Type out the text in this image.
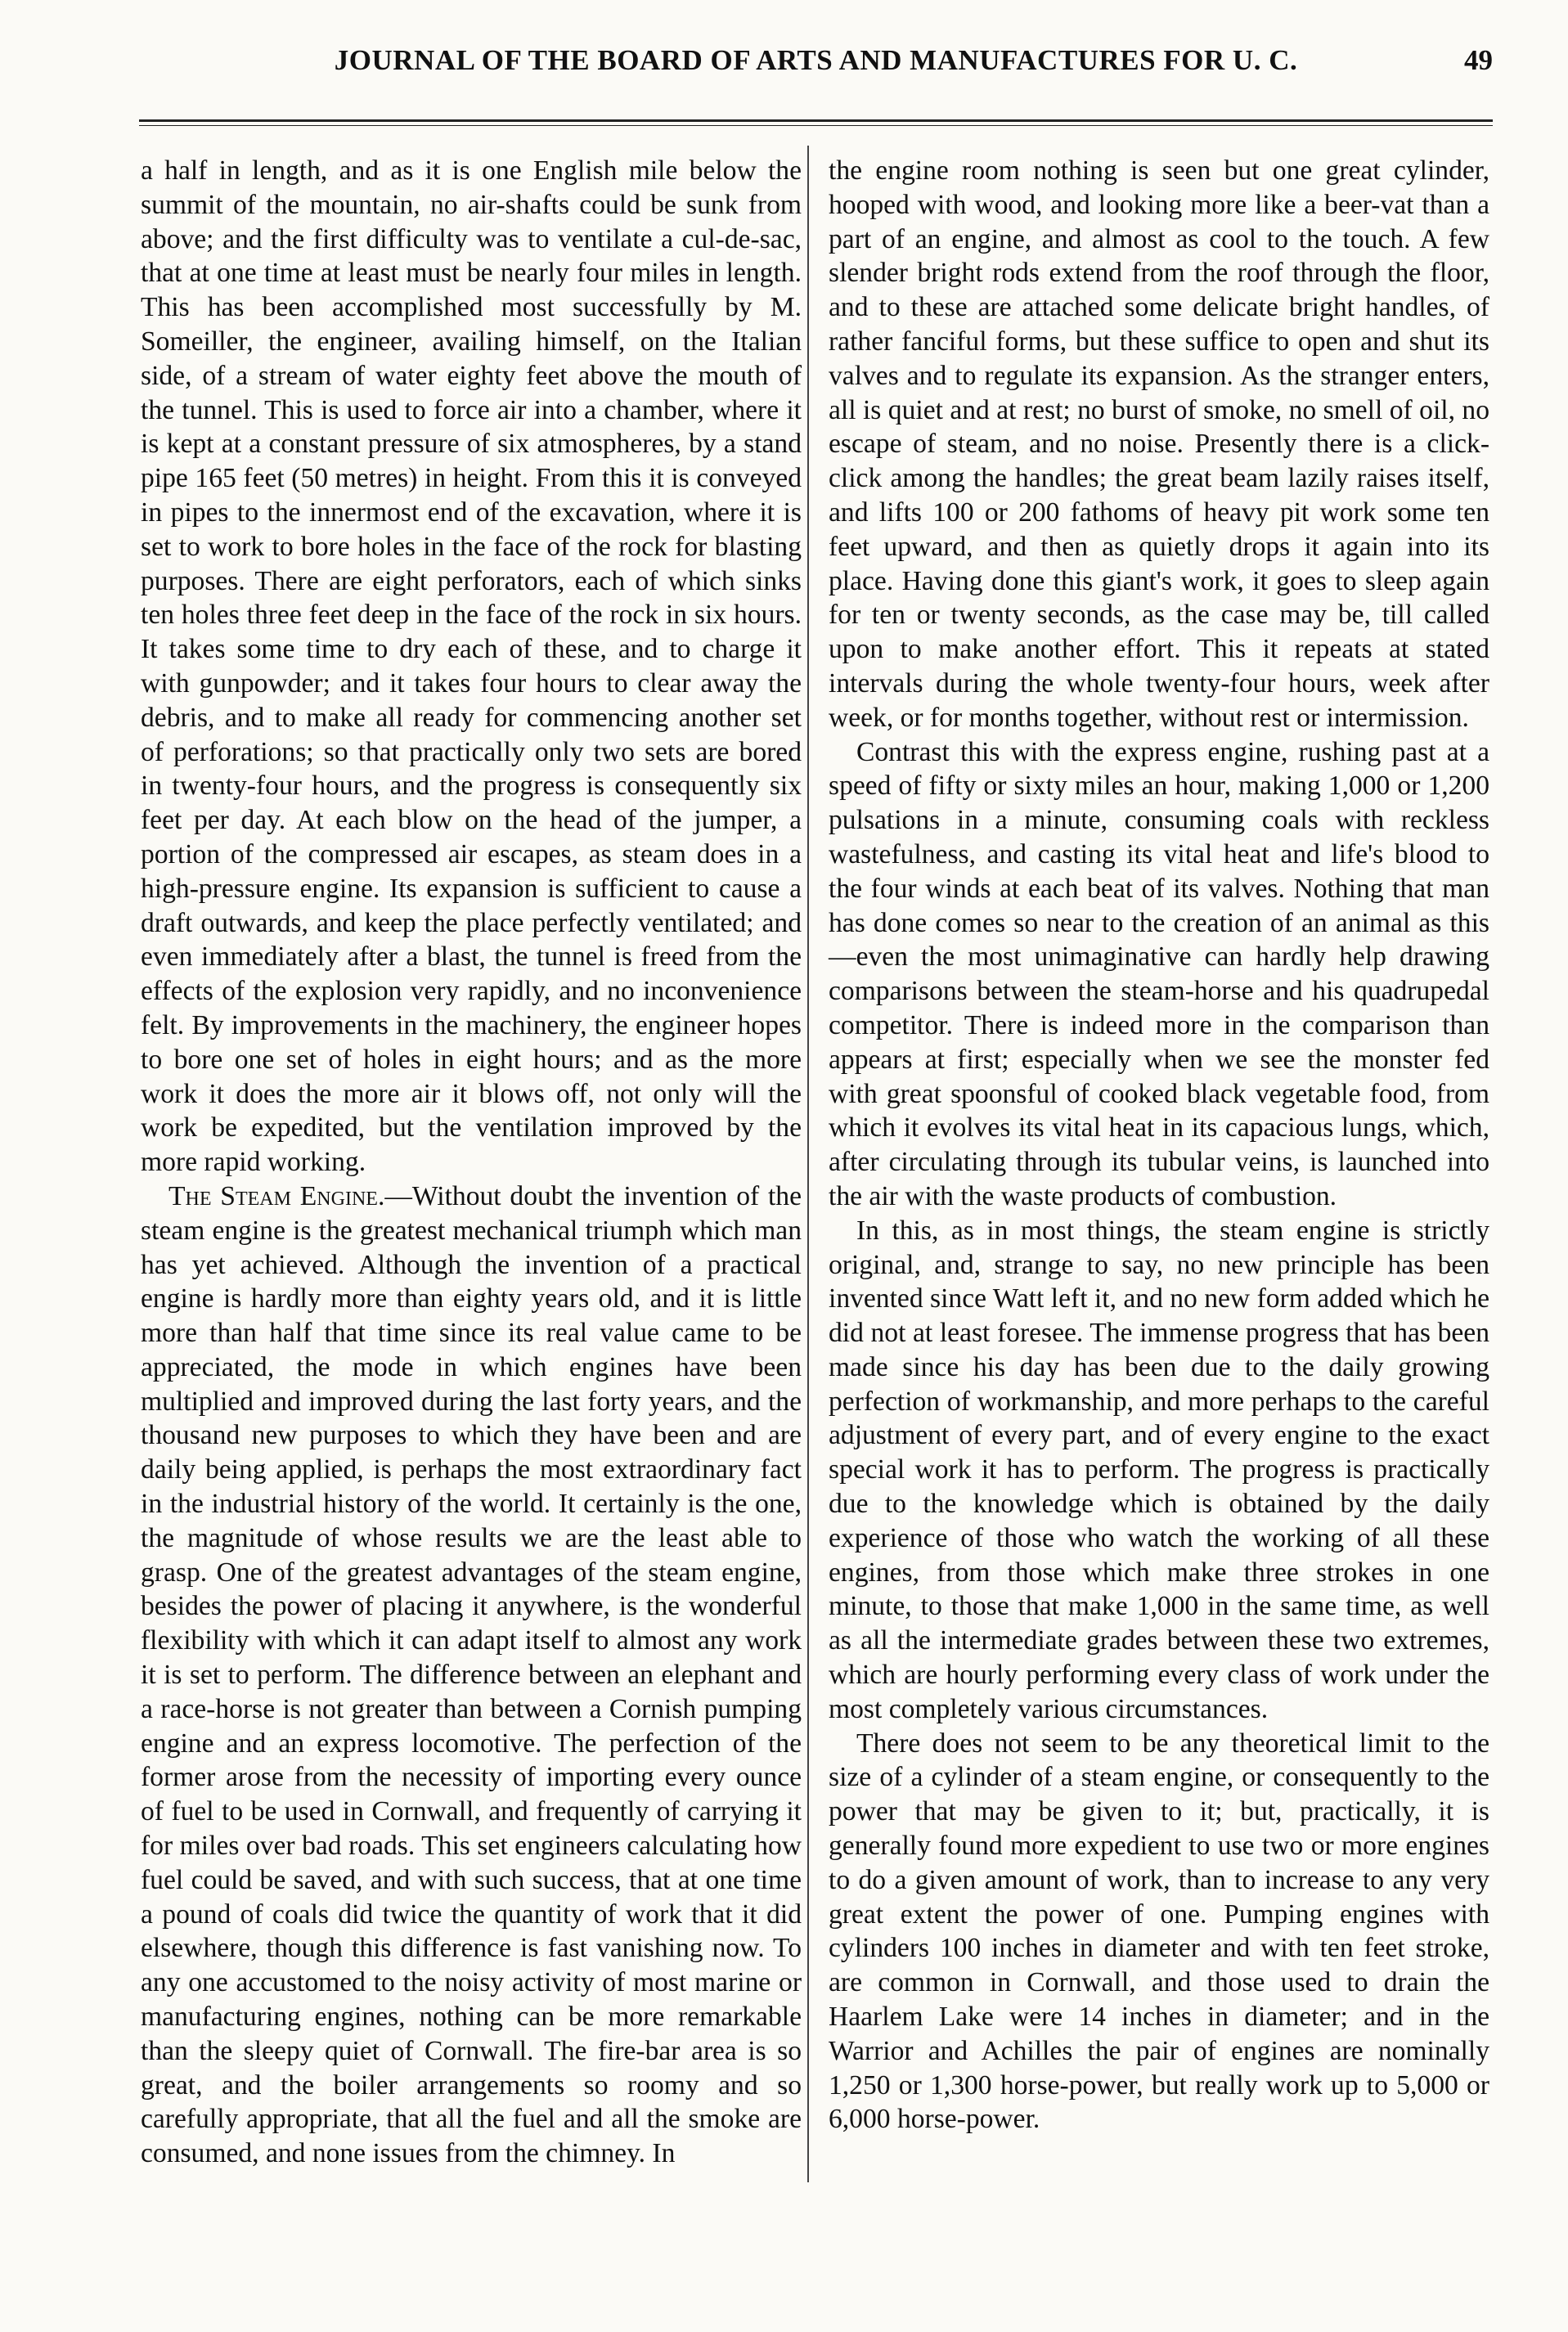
JOURNAL OF THE BOARD OF ARTS AND MANUFACTURES FOR U. C.	49

a half in length, and as it is one English mile below the summit of the mountain, no air-shafts could be sunk from above; and the first difficulty was to ventilate a cul-de-sac, that at one time at least must be nearly four miles in length. This has been accomplished most successfully by M. Someiller, the engineer, availing himself, on the Italian side, of a stream of water eighty feet above the mouth of the tunnel. This is used to force air into a chamber, where it is kept at a constant pressure of six atmospheres, by a stand pipe 165 feet (50 metres) in height. From this it is conveyed in pipes to the innermost end of the excavation, where it is set to work to bore holes in the face of the rock for blasting purposes. There are eight perforators, each of which sinks ten holes three feet deep in the face of the rock in six hours. It takes some time to dry each of these, and to charge it with gunpowder; and it takes four hours to clear away the debris, and to make all ready for commencing another set of perforations; so that practically only two sets are bored in twenty-four hours, and the progress is consequently six feet per day. At each blow on the head of the jumper, a portion of the compressed air escapes, as steam does in a high-pressure engine. Its expansion is sufficient to cause a draft outwards, and keep the place perfectly ventilated; and even immediately after a blast, the tunnel is freed from the effects of the explosion very rapidly, and no inconvenience felt. By improvements in the machinery, the engineer hopes to bore one set of holes in eight hours; and as the more work it does the more air it blows off, not only will the work be expedited, but the ventilation improved by the more rapid working.

The Steam Engine.—Without doubt the invention of the steam engine is the greatest mechanical triumph which man has yet achieved. Although the invention of a practical engine is hardly more than eighty years old, and it is little more than half that time since its real value came to be appreciated, the mode in which engines have been multiplied and improved during the last forty years, and the thousand new purposes to which they have been and are daily being applied, is perhaps the most extraordinary fact in the industrial history of the world. It certainly is the one, the magnitude of whose results we are the least able to grasp. One of the greatest advantages of the steam engine, besides the power of placing it anywhere, is the wonderful flexibility with which it can adapt itself to almost any work it is set to perform. The difference between an elephant and a race-horse is not greater than between a Cornish pumping engine and an express locomotive. The perfection of the former arose from the necessity of importing every ounce of fuel to be used in Cornwall, and frequently of carrying it for miles over bad roads. This set engineers calculating how fuel could be saved, and with such success, that at one time a pound of coals did twice the quantity of work that it did elsewhere, though this difference is fast vanishing now. To any one accustomed to the noisy activity of most marine or manufacturing engines, nothing can be more remarkable than the sleepy quiet of Cornwall. The fire-bar area is so great, and the boiler arrangements so roomy and so carefully appropriate, that all the fuel and all the smoke are consumed, and none issues from the chimney. In

the engine room nothing is seen but one great cylinder, hooped with wood, and looking more like a beer-vat than a part of an engine, and almost as cool to the touch. A few slender bright rods extend from the roof through the floor, and to these are attached some delicate bright handles, of rather fanciful forms, but these suffice to open and shut its valves and to regulate its expansion. As the stranger enters, all is quiet and at rest; no burst of smoke, no smell of oil, no escape of steam, and no noise. Presently there is a click-click among the handles; the great beam lazily raises itself, and lifts 100 or 200 fathoms of heavy pit work some ten feet upward, and then as quietly drops it again into its place. Having done this giant's work, it goes to sleep again for ten or twenty seconds, as the case may be, till called upon to make another effort. This it repeats at stated intervals during the whole twenty-four hours, week after week, or for months together, without rest or intermission.

Contrast this with the express engine, rushing past at a speed of fifty or sixty miles an hour, making 1,000 or 1,200 pulsations in a minute, consuming coals with reckless wastefulness, and casting its vital heat and life's blood to the four winds at each beat of its valves. Nothing that man has done comes so near to the creation of an animal as this—even the most unimaginative can hardly help drawing comparisons between the steam-horse and his quadrupedal competitor. There is indeed more in the comparison than appears at first; especially when we see the monster fed with great spoonsful of cooked black vegetable food, from which it evolves its vital heat in its capacious lungs, which, after circulating through its tubular veins, is launched into the air with the waste products of combustion.

In this, as in most things, the steam engine is strictly original, and, strange to say, no new principle has been invented since Watt left it, and no new form added which he did not at least foresee. The immense progress that has been made since his day has been due to the daily growing perfection of workmanship, and more perhaps to the careful adjustment of every part, and of every engine to the exact special work it has to perform. The progress is practically due to the knowledge which is obtained by the daily experience of those who watch the working of all these engines, from those which make three strokes in one minute, to those that make 1,000 in the same time, as well as all the intermediate grades between these two extremes, which are hourly performing every class of work under the most completely various circumstances.

There does not seem to be any theoretical limit to the size of a cylinder of a steam engine, or consequently to the power that may be given to it; but, practically, it is generally found more expedient to use two or more engines to do a given amount of work, than to increase to any very great extent the power of one. Pumping engines with cylinders 100 inches in diameter and with ten feet stroke, are common in Cornwall, and those used to drain the Haarlem Lake were 14 inches in diameter; and in the Warrior and Achilles the pair of engines are nominally 1,250 or 1,300 horse-power, but really work up to 5,000 or 6,000 horse-power.
